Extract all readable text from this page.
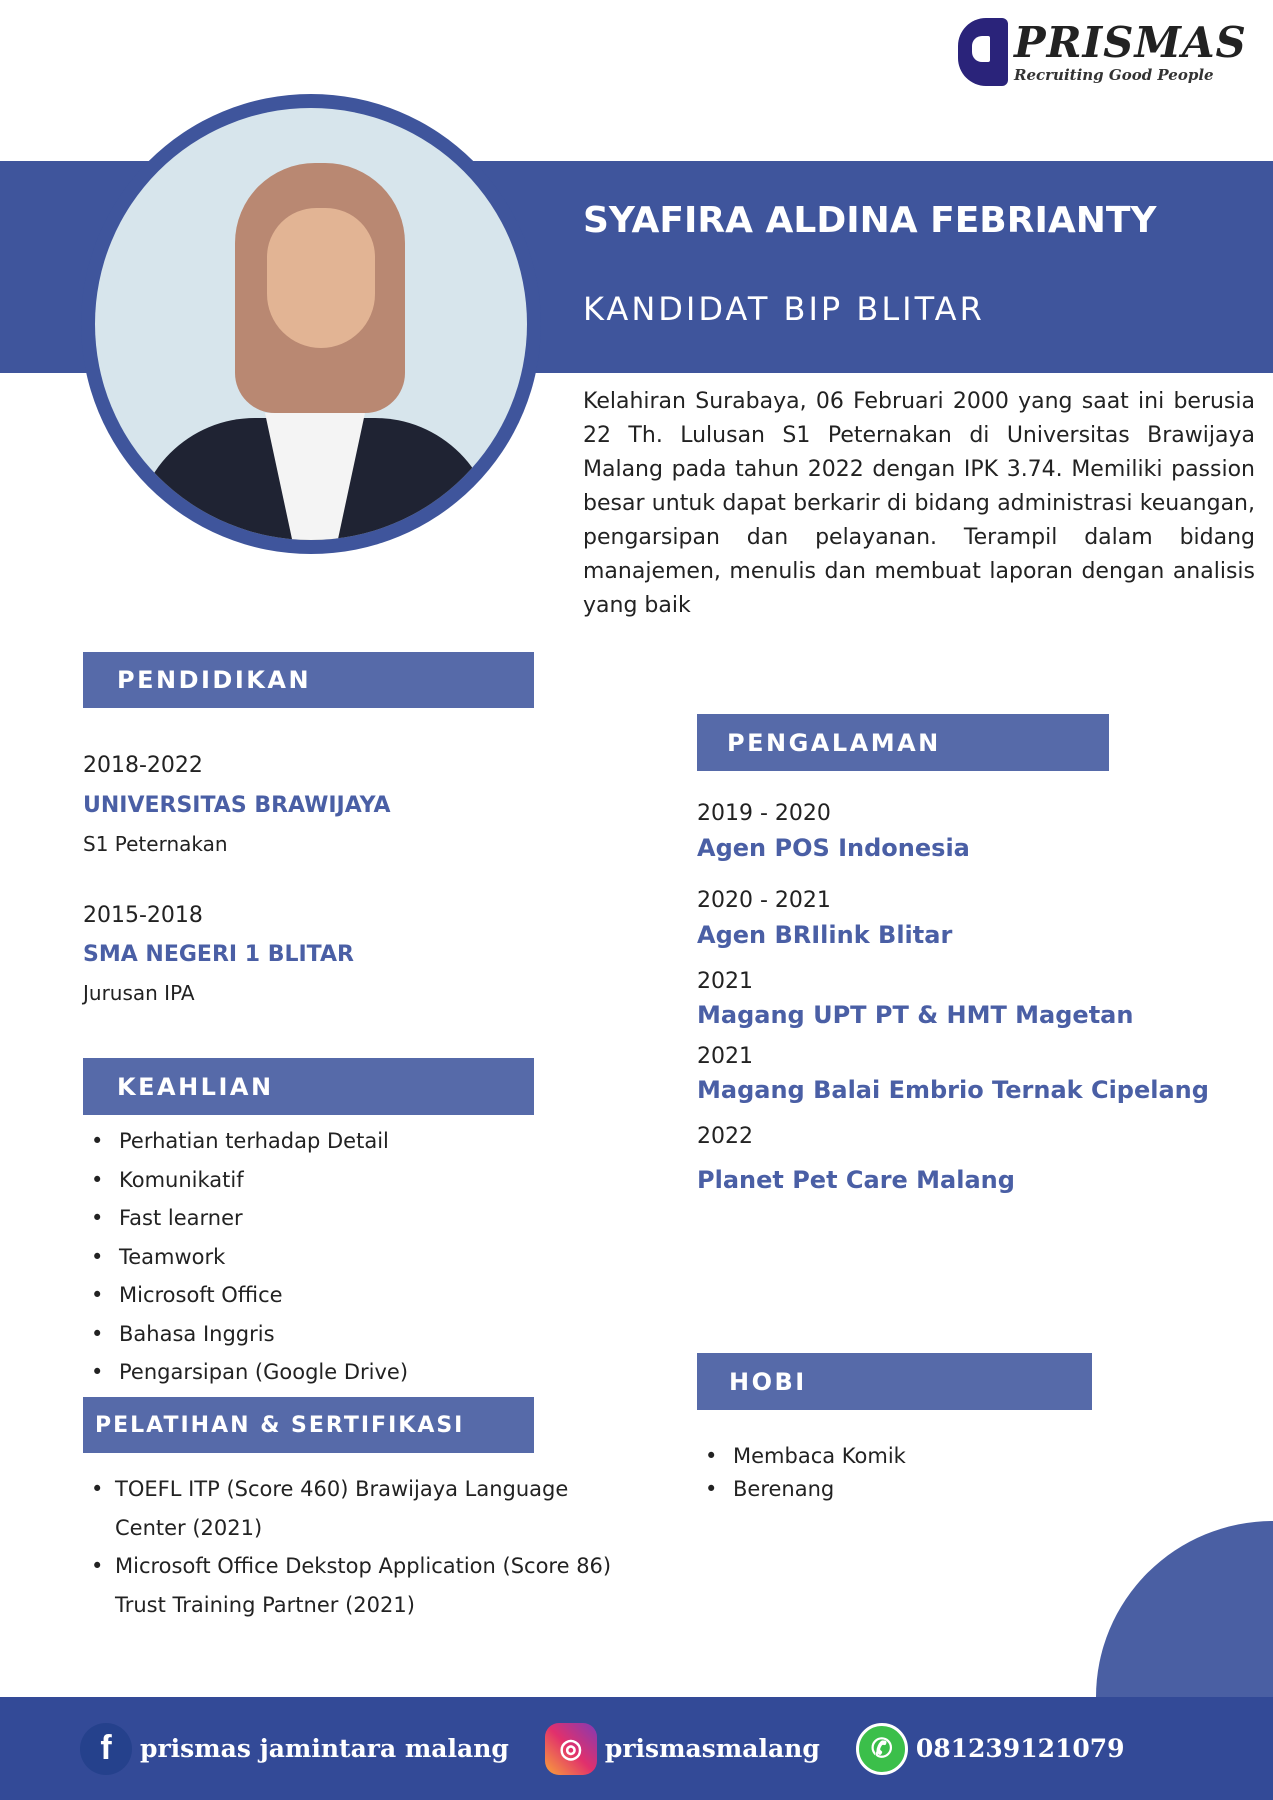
PRISMAS
Recruiting Good People
SYAFIRA ALDINA FEBRIANTY
KANDIDAT BIP BLITAR
Kelahiran Surabaya, 06 Februari 2000 yang saat ini berusia 22 Th. Lulusan S1 Peternakan di Universitas Brawijaya Malang pada tahun 2022 dengan IPK 3.74. Memiliki passion besar untuk dapat berkarir di bidang administrasi keuangan, pengarsipan dan pelayanan. Terampil dalam bidang manajemen, menulis dan membuat laporan dengan analisis yang baik
PENDIDIKAN
2018-2022
UNIVERSITAS BRAWIJAYA
S1 Peternakan
2015-2018
SMA NEGERI 1 BLITAR
Jurusan IPA
KEAHLIAN
• Perhatian terhadap Detail
• Komunikatif
• Fast learner
• Teamwork
• Microsoft Office
• Bahasa Inggris
• Pengarsipan (Google Drive)
PELATIHAN & SERTIFIKASI
• TOEFL ITP (Score 460) Brawijaya Language Center (2021)
• Microsoft Office Dekstop Application (Score 86) Trust Training Partner (2021)
PENGALAMAN
2019 - 2020
Agen POS Indonesia
2020 - 2021
Agen BRIlink Blitar
2021
Magang UPT PT & HMT Magetan
2021
Magang Balai Embrio Ternak Cipelang
2022
Planet Pet Care Malang
HOBI
• Membaca Komik
• Berenang
f	prismas jamintara malang	◎ prismasmalang	✆ 081239121079
